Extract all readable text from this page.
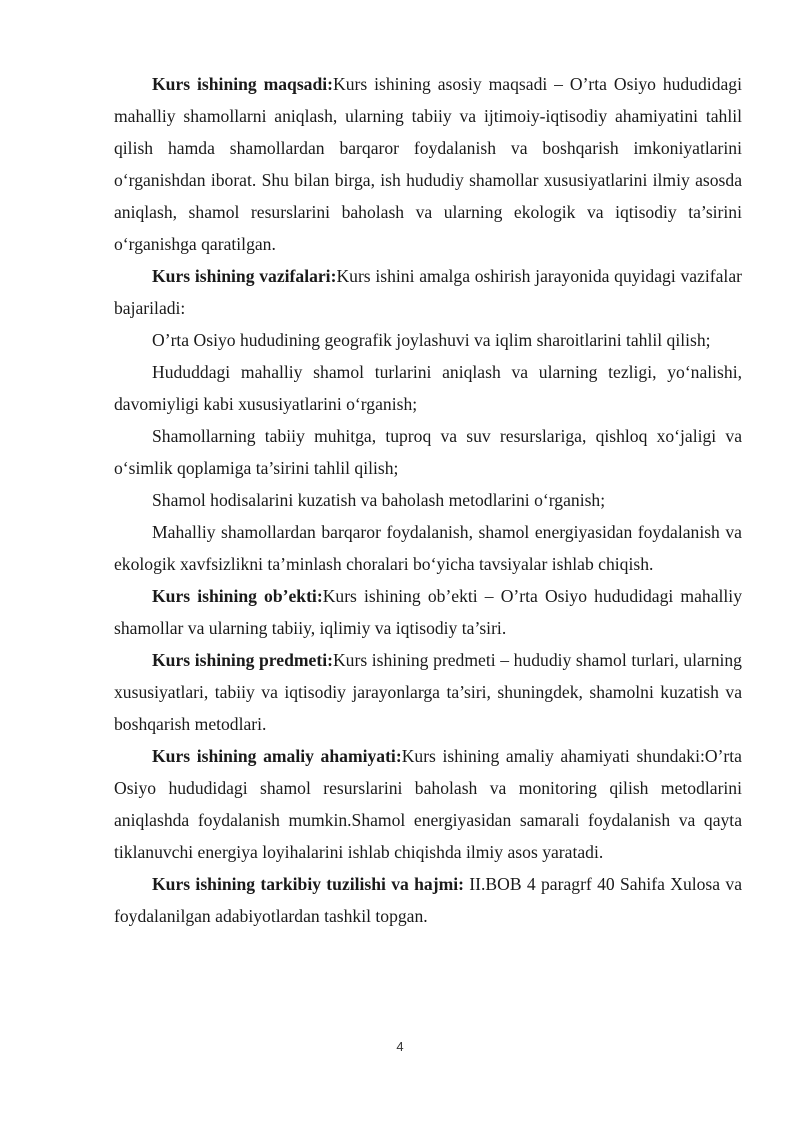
Kurs ishining maqsadi:Kurs ishining asosiy maqsadi – O’rta Osiyo hududidagi mahalliy shamollarni aniqlash, ularning tabiiy va ijtimoiy-iqtisodiy ahamiyatini tahlil qilish hamda shamollardan barqaror foydalanish va boshqarish imkoniyatlarini o‘rganishdan iborat. Shu bilan birga, ish hududiy shamollar xususiyatlarini ilmiy asosda aniqlash, shamol resurslarini baholash va ularning ekologik va iqtisodiy ta’sirini o‘rganishga qaratilgan.

Kurs ishining vazifalari:Kurs ishini amalga oshirish jarayonida quyidagi vazifalar bajariladi:

O’rta Osiyo hududining geografik joylashuvi va iqlim sharoitlarini tahlil qilish;

Hududdagi mahalliy shamol turlarini aniqlash va ularning tezligi, yo‘nalishi, davomiyligi kabi xususiyatlarini o‘rganish;

Shamollarning tabiiy muhitga, tuproq va suv resurslariga, qishloq xo‘jaligi va o‘simlik qoplamiga ta’sirini tahlil qilish;

Shamol hodisalarini kuzatish va baholash metodlarini o‘rganish;

Mahalliy shamollardan barqaror foydalanish, shamol energiyasidan foydalanish va ekologik xavfsizlikni ta’minlash choralari bo‘yicha tavsiyalar ishlab chiqish.

Kurs ishining ob’ekti:Kurs ishining ob’ekti – O’rta Osiyo hududidagi mahalliy shamollar va ularning tabiiy, iqlimiy va iqtisodiy ta’siri.

Kurs ishining predmeti:Kurs ishining predmeti – hududiy shamol turlari, ularning xususiyatlari, tabiiy va iqtisodiy jarayonlarga ta’siri, shuningdek, shamolni kuzatish va boshqarish metodlari.

Kurs ishining amaliy ahamiyati:Kurs ishining amaliy ahamiyati shundaki:O’rta Osiyo hududidagi shamol resurslarini baholash va monitoring qilish metodlarini aniqlashda foydalanish mumkin.Shamol energiyasidan samarali foydalanish va qayta tiklanuvchi energiya loyihalarini ishlab chiqishda ilmiy asos yaratadi.

Kurs ishining tarkibiy tuzilishi va hajmi: II.BOB 4 paragrf 40 Sahifa Xulosa va foydalanilgan adabiyotlardan tashkil topgan.

4
